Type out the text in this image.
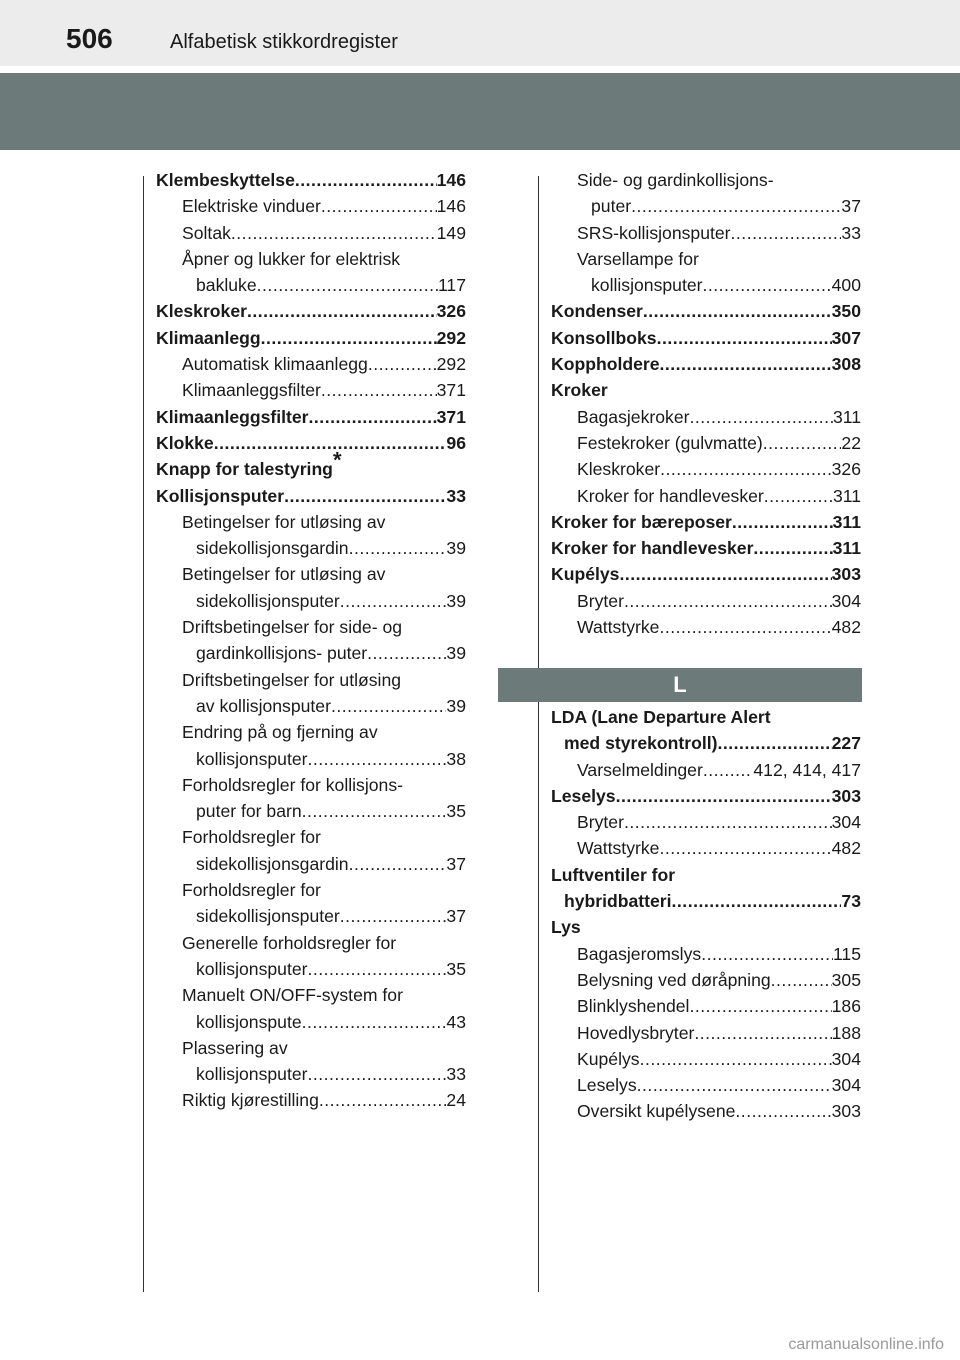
506	Alfabetisk stikkordregister
Klembeskyttelse .....	146
Elektriske vinduer .....	146
Soltak .....	149
Åpner og lukker for elektrisk
bakluke .....	117
Kleskroker .....	326
Klimaanlegg .....	292
Automatisk klimaanlegg .....	292
Klimaanleggsfilter .....	371
Klimaanleggsfilter .....	371
Klokke .....	96
Knapp for talestyring*
Kollisjonsputer .....	33
Betingelser for utløsing av
sidekollisjonsgardin .....	39
Betingelser for utløsing av
sidekollisjonsputer .....	39
Driftsbetingelser for side- og
gardinkollisjons- puter .....	39
Driftsbetingelser for utløsing
av kollisjonsputer .....	39
Endring på og fjerning av
kollisjonsputer .....	38
Forholdsregler for kollisjons-
puter for barn .....	35
Forholdsregler for
sidekollisjonsgardin .....	37
Forholdsregler for
sidekollisjonsputer .....	37
Generelle forholdsregler for
kollisjonsputer .....	35
Manuelt ON/OFF-system for
kollisjonspute .....	43
Plassering av
kollisjonsputer .....	33
Riktig kjørestilling .....	24
Side- og gardinkollisjons-
puter .....	37
SRS-kollisjonsputer .....	33
Varsellampe for
kollisjonsputer .....	400
Kondenser .....	350
Konsollboks .....	307
Koppholdere .....	308
Kroker
Bagasjekroker .....	311
Festekroker (gulvmatte) .....	22
Kleskroker .....	326
Kroker for handlevesker .....	311
Kroker for bæreposer .....	311
Kroker for handlevesker .....	311
Kupélys .....	303
Bryter .....	304
Wattstyrke .....	482
L
LDA (Lane Departure Alert
med styrekontroll) .....	227
Varselmeldinger .....	412, 414, 417
Leselys .....	303
Bryter .....	304
Wattstyrke .....	482
Luftventiler for
hybridbatteri .....	73
Lys
Bagasjeromslys .....	115
Belysning ved døråpning .....	305
Blinklyshendel .....	186
Hovedlysbryter .....	188
Kupélys .....	304
Leselys .....	304
Oversikt kupélysene .....	303
carmanualsonline.info
